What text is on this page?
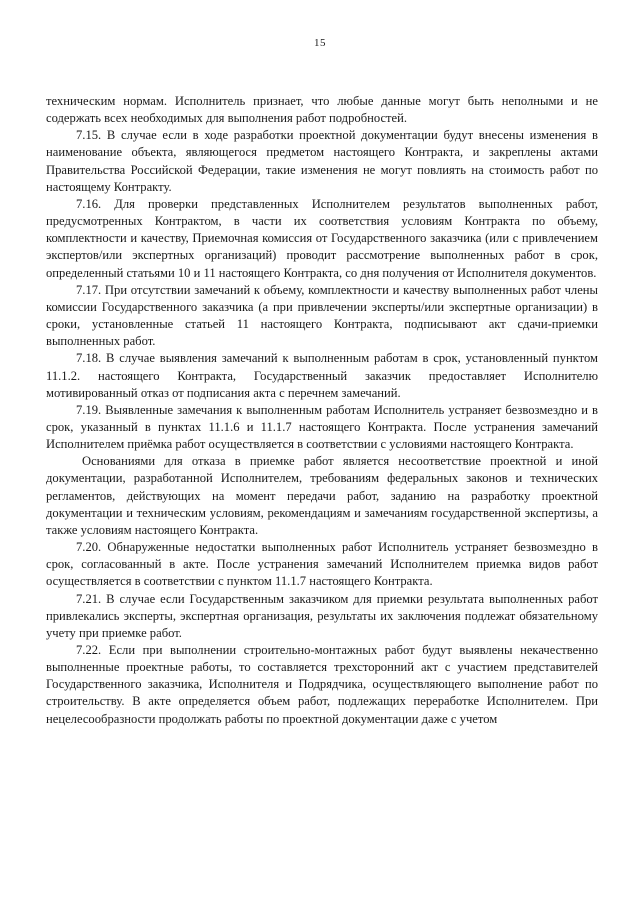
15

техническим нормам. Исполнитель признает, что любые данные могут быть неполными и не содержать всех необходимых для выполнения работ подробностей.

7.15. В случае если в ходе разработки проектной документации будут внесены изменения в наименование объекта, являющегося предметом настоящего Контракта, и закреплены актами Правительства Российской Федерации, такие изменения не могут повлиять на стоимость работ по настоящему Контракту.

7.16. Для проверки представленных Исполнителем результатов выполненных работ, предусмотренных Контрактом, в части их соответствия условиям Контракта по объему, комплектности и качеству, Приемочная комиссия от Государственного заказчика (или с привлечением экспертов/или экспертных организаций) проводит рассмотрение выполненных работ в срок, определенный статьями 10 и 11 настоящего Контракта, со дня получения от Исполнителя документов.

7.17. При отсутствии замечаний к объему, комплектности и качеству выполненных работ члены комиссии Государственного заказчика (а при привлечении эксперты/или экспертные организации) в сроки, установленные статьей 11 настоящего Контракта, подписывают акт сдачи-приемки выполненных работ.

7.18. В случае выявления замечаний к выполненным работам в срок, установленный пунктом 11.1.2. настоящего Контракта, Государственный заказчик предоставляет Исполнителю мотивированный отказ от подписания акта с перечнем замечаний.

7.19. Выявленные замечания к выполненным работам Исполнитель устраняет безвозмездно и в срок, указанный в пунктах 11.1.6 и 11.1.7 настоящего Контракта. После устранения замечаний Исполнителем приёмка работ осуществляется в соответствии с условиями настоящего Контракта.

Основаниями для отказа в приемке работ является несоответствие проектной и иной документации, разработанной Исполнителем, требованиям федеральных законов и технических регламентов, действующих на момент передачи работ, заданию на разработку проектной документации и техническим условиям, рекомендациям и замечаниям государственной экспертизы, а также условиям настоящего Контракта.

7.20. Обнаруженные недостатки выполненных работ Исполнитель устраняет безвозмездно в срок, согласованный в акте. После устранения замечаний Исполнителем приемка видов работ осуществляется в соответствии с пунктом 11.1.7 настоящего Контракта.

7.21. В случае если Государственным заказчиком для приемки результата выполненных работ привлекались эксперты, экспертная организация, результаты их заключения подлежат обязательному учету при приемке работ.

7.22. Если при выполнении строительно-монтажных работ будут выявлены некачественно выполненные проектные работы, то составляется трехсторонний акт с участием представителей Государственного заказчика, Исполнителя и Подрядчика, осуществляющего выполнение работ по строительству. В акте определяется объем работ, подлежащих переработке Исполнителем. При нецелесообразности продолжать работы по проектной документации даже с учетом
